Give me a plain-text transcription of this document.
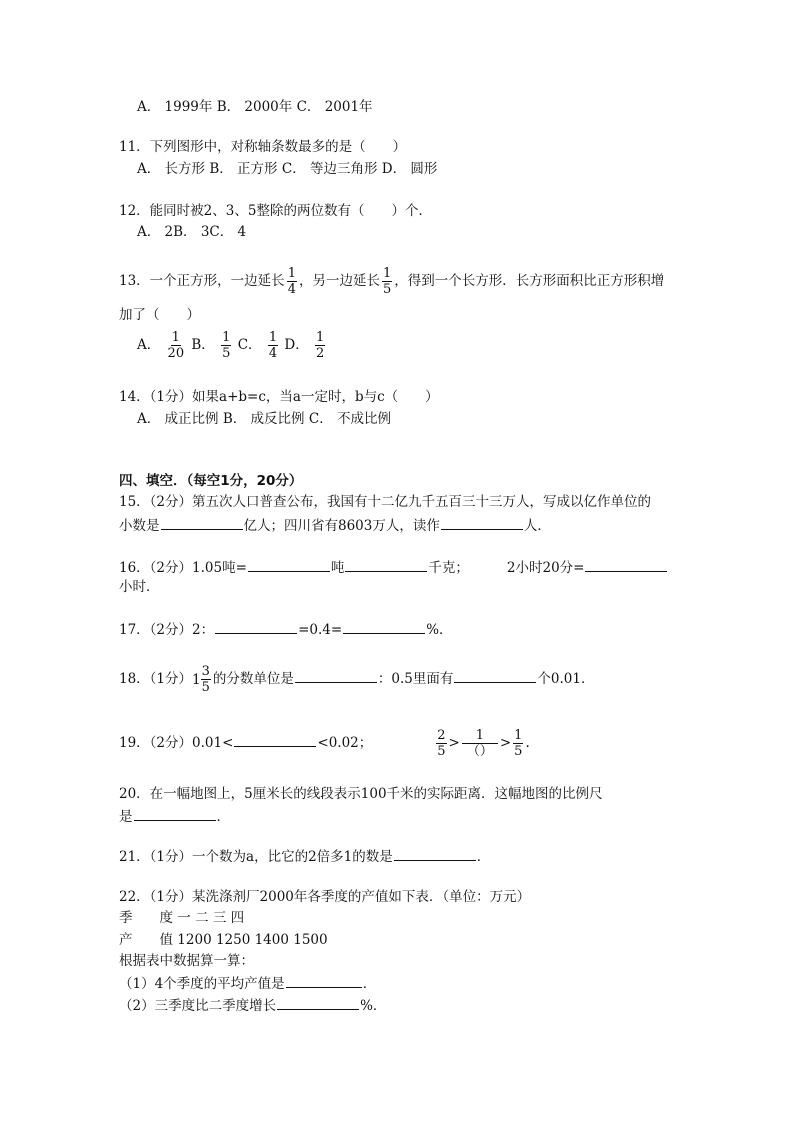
A． 1999年 B． 2000年 C． 2001年
11．下列图形中，对称轴条数最多的是（　　）
A． 长方形 B． 正方形 C． 等边三角形 D． 圆形
12．能同时被2、3、5整除的两位数有（　　）个．
A． 2B． 3C． 4
13．一个正方形，一边延长 $\frac{1}{4}$ ，另一边延长 $\frac{1}{5}$ ，得到一个长方形．长方形面积比正方形积增
加了（　　）
A． $\frac{1}{20}$ B． $\frac{1}{5}$ C． $\frac{1}{4}$ D． $\frac{1}{2}$
14．（1分）如果a+b=c，当a一定时，b与c（　　）
A． 成正比例 B． 成反比例 C． 不成比例
四、填空．（每空1分，20分）
15．（2分）第五次人口普查公布，我国有十二亿九千五百三十三万人，写成以亿作单位的
小数是	亿人；四川省有8603万人，读作	人．
16．（2分）1.05吨=	吨	千克；	2小时20分=
小时．
17．（2分）2：	=0.4=	%．
18．（1分） $1 \frac{3}{5}$ 的分数单位是	：0.5里面有	个0.01．
19．（2分）0.01<	<0.02；	$\frac{2}{5} > \frac{1}{()} > \frac{1}{5}$ .
20．在一幅地图上，5厘米长的线段表示100千米的实际距离．这幅地图的比例尺
是	．
21．（1分）一个数为a，比它的2倍多1的数是	．
22．（1分）某洗涤剂厂2000年各季度的产值如下表．（单位：万元）
季　　度 一 二 三 四
产　　值 1200 1250 1400 1500
根据表中数据算一算：
（1）4个季度的平均产值是	．
（2）三季度比二季度增长	%．
